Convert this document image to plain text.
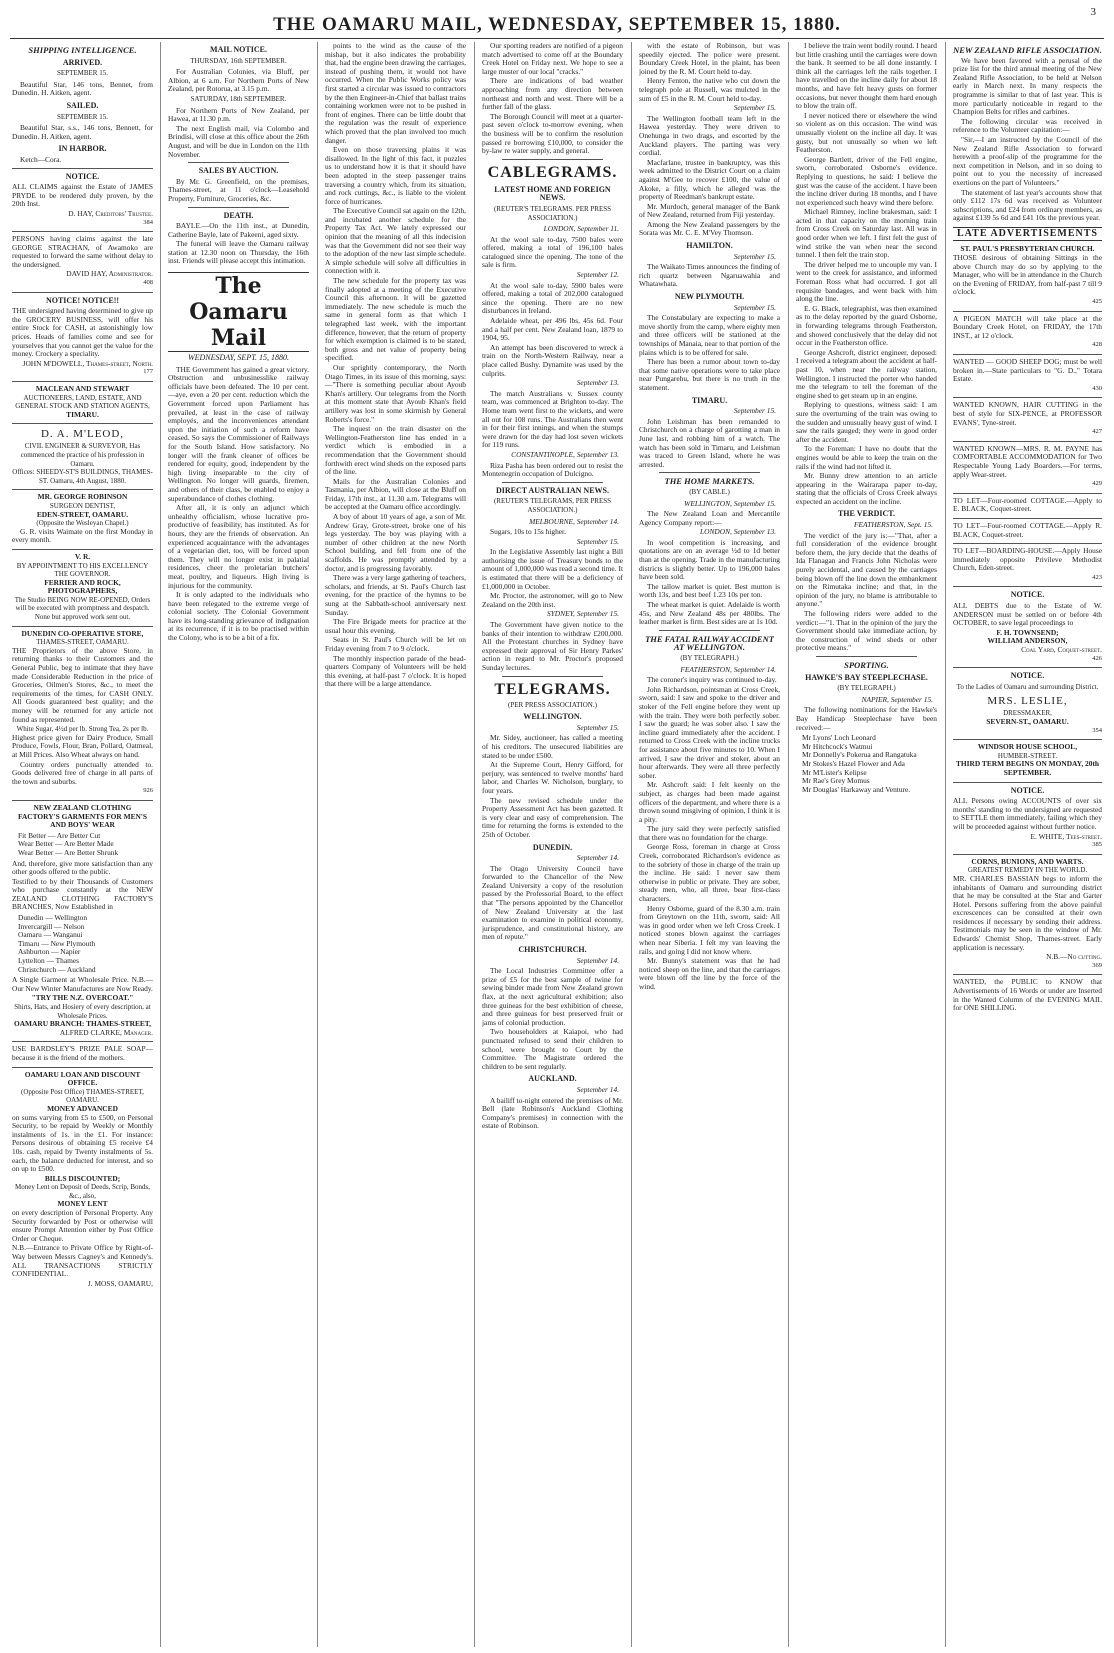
THE OAMARU MAIL, WEDNESDAY, SEPTEMBER 15, 1880.
3
SHIPPING INTELLIGENCE.
ARRIVED.
SEPTEMBER 15.

Beautiful Star, 146 tons, Bennet, from Dunedin. H. Aitken, agent.

SAILED.
SEPTEMBER 15.

Beautiful Star, s.s., 146 tons, Bennett, for Dunedin. H. Aitken, agent.

IN HARBOR.

Ketch—Cora.

NOTICE.

ALL CLAIMS against the Estate of JAMES PRYDE to be rendered duly proven, by the 20th Inst.

D. HAY, Creditors' Trustee.
384

PERSONS having claims against the late GEORGE STRACHAN, of Awamoko are requested to forward the same without delay to the undersigned.

DAVID HAY, Administrator.
408
NOTICE! NOTICE!!

THE undersigned having determined to give up the GROCERY BUSINESS, will offer his entire Stock for CASH, at astonishingly low prices. Heads of families come and see for yourselves that you cannot get the value for the money. Crockery a speciality.

JOHN M'DOWELL, Thames-street, North.
177
MACLEAN AND STEWART
AUCTIONEERS, LAND, ESTATE, AND GENERAL STOCK AND STATION AGENTS,
TIMARU.
D. A. M'LEOD,
CIVIL ENGINEER & SURVEYOR, Has commenced the practice of his profession in Oamaru.
Offices: SHEEDY-ST'S BUILDINGS, THAMES-ST. Oamaru, 4th August, 1880.
MR. GEORGE ROBINSON
SURGEON DENTIST,
EDEN-STREET, OAMARU.
(Opposite the Wesleyan Chapel.)

G. R. visits Waimate on the first Monday in every month.

V. R.
BY APPOINTMENT TO HIS EXCELLENCY THE GOVERNOR.
FERRIER AND ROCK, PHOTOGRAPHERS,
The Studio BEING NOW RE-OPENED, Orders will be executed with promptness and despatch. None but approved work sent out.
DUNEDIN CO-OPERATIVE STORE,
THAMES-STREET, OAMARU.

THE Proprietors of the above Store, in returning thanks to their Customers and the General Public, beg to intimate that they have made Considerable Reduction in the price of Groceries, Oilmen's Stores, &c., to meet the requirements of the times, for CASH ONLY. All Goods guaranteed best quality; and the money will be returned for any article not found as represented.

White Sugar, 4½d per lb. Strong Tea, 2s per lb.

Highest price given for Dairy Produce, Small Produce, Fowls, Flour, Bran, Pollard, Oatmeal, at Mill Prices. Also Wheat always on hand.

Country orders punctually attended to. Goods delivered free of charge in all parts of the town and suburbs.

926
NEW ZEALAND CLOTHING FACTORY'S GARMENTS FOR MEN'S AND BOYS' WEAR
Fit Better — Are Better Cut
Wear Better — Are Better Made
Wear Better — Are Better Shrunk

And, therefore, give more satisfaction than any other goods offered to the public.

Testified to by their Thousands of Customers who purchase constantly at the NEW ZEALAND CLOTHING FACTORY'S BRANCHES, Now Established in

Dunedin — Wellington
Invercargill — Nelson
Oamaru — Wanganui
Timaru — New Plymouth
Ashburton — Napier
Lyttelton — Thames
Christchurch — Auckland

A Single Garment at Wholesale Price. N.B.—Our New Winter Manufactures are Now Ready.

"TRY THE N.Z. OVERCOAT."
Shirts, Hats, and Hosiery of every description, at Wholesale Prices.
OAMARU BRANCH: THAMES-STREET,
ALFRED CLARKE, Manager.

USE BARDSLEY'S PRIZE PALE SOAP—because it is the friend of the mothers.

OAMARU LOAN AND DISCOUNT OFFICE.
(Opposite Post Office) THAMES-STREET, OAMARU.
MONEY ADVANCED

on sums varying from £5 to £500, on Personal Security, to be repaid by Weekly or Monthly instalments of 1s. in the £1. For instance: Persons desirous of obtaining £5 receive £4 10s. cash, repaid by Twenty instalments of 5s. each, the balance deducted for interest, and so on up to £500.

BILLS DISCOUNTED;
Money Lent on Deposit of Deeds, Scrip, Bonds, &c., also,
MONEY LENT

on every description of Personal Property. Any Security forwarded by Post or otherwise will ensure Prompt Attention either by Post Office Order or Cheque.

N.B.—Entrance to Private Office by Right-of-Way between Messrs Cagney's and Kennedy's. ALL TRANSACTIONS STRICTLY CONFIDENTIAL.

J. MOSS, OAMARU,
MAIL NOTICE.
THURSDAY, 16th SEPTEMBER.

For Australian Colonies, via Bluff, per Albion, at 6 a.m. For Northern Ports of New Zealand, per Rotorua, at 3.15 p.m.

SATURDAY, 18th SEPTEMBER.

For Northern Ports of New Zealand, per Hawea, at 11.30 p.m.

The next English mail, via Colombo and Brindisi, will close at this office about the 26th August, and will be due in London on the 11th November.

SALES BY AUCTION.

By Mr. G. Greenfield, on the premises, Thames-street, at 11 o'clock—Leasehold Property, Furniture, Groceries, &c.

DEATH.

BAYLE.—On the 11th inst., at Dunedin, Catherine Bayle, late of Pakeeni, aged sixty.

The funeral will leave the Oamaru railway station at 12.30 noon on Thursday, the 16th inst. Friends will please accept this intimation.

The Oamaru Mail
WEDNESDAY, SEPT. 15, 1880.

THE Government has gained a great victory. Obstruction and unbusinesslike railway officials have been defeated. The 10 per cent.—aye, even a 20 per cent. reduction which the Government forced upon Parliament has prevailed, at least in the case of railway employés, and the inconveniences attendant upon the initiation of such a reform have ceased. So says the Commissioner of Railways for the South Island. How satisfactory. No longer will the frank cleaner of offices be rendered for equity, good, independent by the high living inseparable to the city of Wellington. No longer will guards, firemen, and others of their class, be enabled to enjoy a superabundance of clothes clothing.

After all, it is only an adjunct which unhealthy officialism, whose lucrative pro-productive of feasibility, has instituted. As for hours, they are the friends of observation. An experienced acquaintance with the advantages of a vegetarian diet, too, will be forced upon them. They will no longer exist in palatial residences, cheer the proletarian butchers' meat, poultry, and liqueurs. High living is injurious for the community.

It is only adapted to the individuals who have been relegated to the extreme verge of colonial society. The Colonial Government have its long-standing grievance of indignation at its recurrence, if it is to be practised within the Colony, who is to be a bit of a fix.

points to the wind as the cause of the mishap, but it also indicates the probability that, had the engine been drawing the carriages, instead of pushing them, it would not have occurred. When the Public Works policy was first started a circular was issued to contractors by the then Engineer-in-Chief that ballast trains containing workmen were not to be pushed in front of engines. There can be little doubt that the regulation was the result of experience which proved that the plan involved too much danger.

Even on those traversing plains it was disallowed. In the light of this fact, it puzzles us to understand how it is that it should have been adopted in the steep passenger trains traversing a country which, from its situation, and rock cuttings, &c., is liable to the violent force of hurricanes.

The Executive Council sat again on the 12th, and incubated another schedule for the Property Tax Act. We lately expressed our opinion that the meaning of all this indecision was that the Government did not see their way to the adoption of the new last simple schedule. A simple schedule will solve all difficulties in connection with it.

The new schedule for the property tax was finally adopted at a meeting of the Executive Council this afternoon. It will be gazetted immediately. The new schedule is much the same in general form as that which I telegraphed last week, with the important difference, however, that the return of property for which exemption is claimed is to be stated, both gross and net value of property being specified.

Our sprightly contemporary, the North Otago Times, in its issue of this morning, says:—"There is something peculiar about Ayoub Khan's artillery. Our telegrams from the North at this moment state that Ayoub Khan's field artillery was lost in some skirmish by General Roberts's force."

The inquest on the train disaster on the Wellington-Featherston line has ended in a verdict which is embodied in a recommendation that the Government should forthwith erect wind sheds on the exposed parts of the line.

Mails for the Australian Colonies and Tasmania, per Albion, will close at the Bluff on Friday, 17th inst., at 11.30 a.m. Telegrams will be accepted at the Oamaru office accordingly.

A boy of about 10 years of age, a son of Mr. Andrew Gray, Grote-street, broke one of his legs yesterday. The boy was playing with a number of other children at the new North School building, and fell from one of the scaffolds. He was promptly attended by a doctor, and is progressing favorably.

There was a very large gathering of teachers, scholars, and friends, at St. Paul's Church last evening, for the practice of the hymns to be sung at the Sabbath-school anniversary next Sunday.

The Fire Brigade meets for practice at the usual hour this evening.

Seats in St. Paul's Church will be let on Friday evening from 7 to 9 o'clock.

The monthly inspection parade of the head-quarters Company of Volunteers will be held this evening, at half-past 7 o'clock. It is hoped that there will be a large attendance.

Our sporting readers are notified of a pigeon match advertised to come off at the Boundary Creek Hotel on Friday next. We hope to see a large muster of our local "cracks."

There are indications of bad weather approaching from any direction between northeast and north and west. There will be a further fall of the glass.

The Borough Council will meet at a quarter-past seven o'clock to-morrow evening, when the business will be to confirm the resolution passed re borrowing £10,000, to consider the by-law re water supply, and general.

CABLEGRAMS.
LATEST HOME AND FOREIGN NEWS.
(REUTER'S TELEGRAMS. PER PRESS ASSOCIATION.)
LONDON, September 11.

At the wool sale to-day, 7500 bales were offered, making a total of 196,100 bales catalogued since the opening. The tone of the sale is firm.

September 12.

At the wool sale to-day, 5900 bales were offered, making a total of 202,000 catalogued since the opening. There are no new disturbances in Ireland.

Adelaide wheat, per 496 lbs, 45s 6d. Four and a half per cent. New Zealand loan, 1879 to 1904, 95.

An attempt has been discovered to wreck a train on the North-Western Railway, near a place called Bushy. Dynamite was used by the culprits.

September 13.

The match Australians v. Sussex county team, was commenced at Brighton to-day. The Home team went first to the wickets, and were all out for 108 runs. The Australians then went in for their first innings, and when the stumps were drawn for the day had lost seven wickets for 119 runs.

CONSTANTINOPLE, September 13.

Riza Pasha has been ordered out to resist the Montenegrin occupation of Dulcigno.

DIRECT AUSTRALIAN NEWS.
(REUTER'S TELEGRAMS, PER PRESS ASSOCIATION.)
MELBOURNE, September 14.

Sugars, 10s to 15s higher.

September 15.

In the Legislative Assembly last night a Bill authorising the issue of Treasury bonds to the amount of 1,000,000 was read a second time. It is estimated that there will be a deficiency of £1,000,000 in October.

Mr. Proctor, the astronomer, will go to New Zealand on the 20th inst.

SYDNEY, September 15.

The Government have given notice to the banks of their intention to withdraw £200,000. All the Protestant churches in Sydney have expressed their approval of Sir Henry Parkes' action in regard to Mr. Proctor's proposed Sunday lectures.

TELEGRAMS.
(PER PRESS ASSOCIATION.)
WELLINGTON.
September 15.

Mr. Sidey, auctioneer, has called a meeting of his creditors. The unsecured liabilities are stated to be under £500.

At the Supreme Court, Henry Gifford, for perjury, was sentenced to twelve months' hard labor, and Charles W. Nicholson, burglary, to four years.

The new revised schedule under the Property Assessment Act has been gazetted. It is very clear and easy of comprehension. The time for returning the forms is extended to the 25th of October.

DUNEDIN.
September 14.

The Otago University Council have forwarded to the Chancellor of the New Zealand University a copy of the resolution passed by the Professorial Board, to the effect that "The persons appointed by the Chancellor of New Zealand University at the last examination to examine in political economy, jurisprudence, and constitutional history, are men of repute."

CHRISTCHURCH.
September 14.

The Local Industries Committee offer a prize of £5 for the best sample of twine for sewing binder made from New Zealand grown flax, at the next agricultural exhibition; also three guineas for the best exhibition of cheese, and three guineas for best preserved fruit or jams of colonial production.

Two householders at Kaiapoi, who had punctuated refused to send their children to school, were brought to Court by the Committee. The Magistrate ordered the children to be sent regularly.

AUCKLAND.
September 14.

A bailiff to-night entered the premises of Mr. Bell (late Robinson's Auckland Clothing Company's premises) in connection with the estate of Robinson.

with the estate of Robinson, but was speedily ejected. The police were present. Boundary Creek Hotel, in the plaint, has been joined by the R. M. Court held to-day.

Henry Fenton, the native who cut down the telegraph pole at Russell, was mulcted in the sum of £5 in the R. M. Court held to-day.

September 15.

The Wellington football team left in the Hawea yesterday. They were driven to Onehunga in two drags, and escorted by the Auckland players. The parting was very cordial.

Macfarlane, trustee in bankruptcy, was this week admitted to the District Court on a claim against M'Gee to recover £100, the value of Akoke, a filly, which he alleged was the property of Reedman's bankrupt estate.

Mr. Murdoch, general manager of the Bank of New Zealand, returned from Fiji yesterday.

Among the New Zealand passengers by the Sorata was Mr. C. E. M'Vey Thomson.

HAMILTON.
September 15.

The Waikato Times announces the finding of rich quartz between Ngaruawahia and Whatawhata.

NEW PLYMOUTH.
September 15.

The Constabulary are expecting to make a move shortly from the camp, where eighty men and three officers will be stationed at the townships of Manaia, near to that portion of the plains which is to be offered for sale.

There has been a rumor about town to-day that some native operations were to take place near Pungarehu, but there is no truth in the statement.

TIMARU.
September 15.

John Leishman has been remanded to Christchurch on a charge of garotting a man in June last, and robbing him of a watch. The watch has been sold in Timaru, and Leishman was traced to Green Island, where he was arrested.

THE HOME MARKETS.
(BY CABLE.)
WELLINGTON, September 15.

The New Zealand Loan and Mercantile Agency Company report:—

LONDON, September 13.

In wool competition is increasing, and quotations are on an average ½d to 1d better than at the opening. Trade in the manufacturing districts is slightly better. Up to 196,000 bales have been sold.

The tallow market is quiet. Best mutton is worth 13s, and best beef 1.23 10s per ton.

The wheat market is quiet. Adelaide is worth 45s, and New Zealand 48s per 480lbs. The leather market is firm. Best sides are at 1s 10d.

THE FATAL RAILWAY ACCIDENT AT WELLINGTON.
(BY TELEGRAPH.)
FEATHERSTON, September 14.

The coroner's inquiry was continued to-day.

John Richardson, pointsman at Cross Creek, sworn, said: I saw and spoke to the driver and stoker of the Fell engine before they went up with the train. They were both perfectly sober. I saw the guard; he was sober also. I saw the incline guard immediately after the accident. I returned to Cross Creek with the incline trucks for assistance about five minutes to 10. When I arrived, I saw the driver and stoker, about an hour afterwards. They were all three perfectly sober.

Mr. Ashcroft said: I felt keenly on the subject, as charges had been made against officers of the department, and where there is a thrown sound misgiving of opinion, I think it is a pity.

The jury said they were perfectly satisfied that there was no foundation for the charge.

George Ross, foreman in charge at Cross Creek, corroborated Richardson's evidence as to the sobriety of those in charge of the train up the incline. He said: I never saw them otherwise in public or private. They are sober, steady men, who, all three, bear first-class characters.

Henry Osborne, guard of the 8.30 a.m. train from Greytown on the 11th, sworn, said: All was in good order when we left Cross Creek. I noticed stones blown against the carriages when near Siberia. I felt my van leaving the rails, and going I did not know where.

Mr. Bunny's statement was that he had noticed sheep on the line, and that the carriages were blown off the line by the force of the wind.

I believe the train went bodily round. I heard but little crashing until the carriages were down the bank. It seemed to be all done instantly. I think all the carriages left the rails together. I have travelled on the incline daily for about 18 months, and have felt heavy gusts on former occasions, but never thought them hard enough to blow the train off.

I never noticed there or elsewhere the wind so violent as on this occasion. The wind was unusually violent on the incline all day. It was gusty, but not unusually so when we left Featherston.

George Bartlett, driver of the Fell engine, sworn, corroborated Osborne's evidence. Replying to questions, he said: I believe the gust was the cause of the accident. I have been the incline driver during 18 months, and I have not experienced such heavy wind there before.

Michael Rimney, incline brakesman, said: I acted in that capacity on the morning train from Cross Creek on Saturday last. All was in good order when we left. I first felt the gust of wind strike the van when near the second tunnel. I then felt the train stop.

The driver helped me to uncouple my van. I went to the creek for assistance, and informed Foreman Ross what had occurred. I got all requisite bandages, and went back with him along the line.

E. G. Black, telegraphist, was then examined as to the delay reported by the guard Osborne, in forwarding telegrams through Featherston, and showed conclusively that the delay did not occur in the Featherston office.

George Ashcroft, district engineer, deposed: I received a telegram about the accident at half-past 10, when near the railway station, Wellington. I instructed the porter who handed me the telegram to tell the foreman of the engine shed to get steam up in an engine.

Replying to questions, witness said: I am sure the overturning of the train was owing to the sudden and unusually heavy gust of wind. I saw the rails gauged; they were in good order after the accident.

To the Foreman: I have no doubt that the engines would be able to keep the train on the rails if the wind had not lifted it.

Mr. Bunny drew attention to an article appearing in the Wairarapa paper to-day, stating that the officials of Cross Creek always expected an accident on the incline.

THE VERDICT.
FEATHERSTON, Sept. 15.

The verdict of the jury is:—"That, after a full consideration of the evidence brought before them, the jury decide that the deaths of Ida Flanagan and Francis John Nicholas were purely accidental, and caused by the carriages being blown off the line down the embankment on the Rimutaka incline; and that, in the opinion of the jury, no blame is attributable to anyone."

The following riders were added to the verdict:—"1. That in the opinion of the jury the Government should take immediate action, by the construction of wind sheds or other protective means."

SPORTING.
HAWKE'S BAY STEEPLECHASE.
(BY TELEGRAPH.)
NAPIER, September 15.

The following nominations for the Hawke's Bay Handicap Steeplechase have been received:—

Mr Lyons' Loch Leonard
Mr Hitchcock's Watmui
Mr Donnelly's Pokerua and Rangatuka
Mr Stokes's Hazel Flower and Ada
Mr M'Lister's Kelipse
Mr Rae's Grey Momus
Mr Douglas' Harkaway and Venture.
NEW ZEALAND RIFLE ASSOCIATION.

We have been favored with a perusal of the prize list for the third annual meeting of the New Zealand Rifle Association, to be held at Nelson early in March next. In many respects the programme is similar to that of last year. This is more particularly noticeable in regard to the Champion Belts for rifles and carbines.

The following circular was received in reference to the Volunteer capitation:—

"Sir,—I am instructed by the Council of the New Zealand Rifle Association to forward herewith a proof-slip of the programme for the next competition in Nelson, and in so doing to point out to you the necessity of increased exertions on the part of Volunteers."

The statement of last year's accounts show that only £112 17s 6d was received as Volunteer subscriptions, and £24 from ordinary members, as against £139 5s 6d and £41 10s the previous year.

LATE ADVERTISEMENTS
ST. PAUL'S PRESBYTERIAN CHURCH.

THOSE desirous of obtaining Sittings in the above Church may do so by applying to the Manager, who will be in attendance in the Church on the Evening of FRIDAY, from half-past 7 till 9 o'clock.

425

A PIGEON MATCH will take place at the Boundary Creek Hotel, on FRIDAY, the 17th INST., at 12 o'clock.

428

WANTED — GOOD SHEEP DOG; must be well broken in.—State particulars to "G. D.," Totara Estate.

430

WANTED KNOWN, HAIR CUTTING in the best of style for SIX-PENCE, at PROFESSOR EVANS', Tyne-street.

427

WANTED KNOWN—MRS. R. M. PAYNE has COMFORTABLE ACCOMMODATION for Two Respectable Young Lady Boarders.—For terms, apply Wear-street.

429

TO LET—Four-roomed COTTAGE.—Apply to E. BLACK, Coquet-street.

TO LET—Four-roomed COTTAGE.—Apply R. BLACK, Coquet-street.

TO LET—BOARDING-HOUSE.—Apply House immediately opposite Privileve Methodist Church, Eden-street.

423
NOTICE.

ALL DEBTS due to the Estate of W. ANDERSON must be settled on or before 4th OCTOBER, to save legal proceedings to

F. H. TOWNSEND;
WILLIAM ANDERSON,
Coal Yard, Coquet-street.
426
NOTICE.
To the Ladies of Oamaru and surrounding District.
MRS. LESLIE,
DRESSMAKER,
SEVERN-ST., OAMARU.
354
WINDSOR HOUSE SCHOOL,
HUMBER-STREET.
THIRD TERM BEGINS ON MONDAY, 20th SEPTEMBER.
NOTICE.

ALL Persons owing ACCOUNTS of over six months' standing to the undersigned are requested to SETTLE them immediately, failing which they will be proceeded against without further notice.

E. WHITE, Tees-street.
385
CORNS, BUNIONS, AND WARTS.
GREATEST REMEDY IN THE WORLD.

MR. CHARLES BASSIAN begs to inform the inhabitants of Oamaru and surrounding district that he may be consulted at the Star and Garter Hotel. Persons suffering from the above painful excrescences can be consulted at their own residences if necessary by sending their address. Testimonials may be seen in the window of Mr. Edwards' Chemist Shop, Thames-street. Early application is necessary.

N.B.—No cutting.
369

WANTED, the PUBLIC to KNOW that Advertisements of 16 Words or under are Inserted in the Wanted Column of the EVENING MAIL for ONE SHILLING.
